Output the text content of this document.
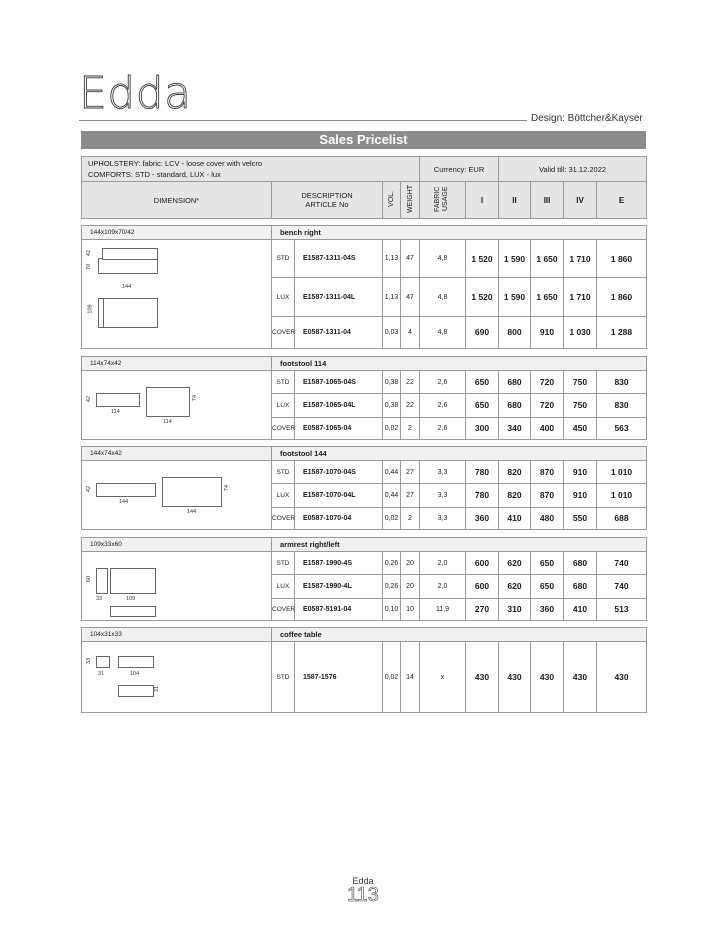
Edda	Design: Böttcher&Kayser
Sales Pricelist
UPHOLSTERY: fabric: LCV - loose cover with velcro
COMFORTS: STD - standard, LUX - lux				Currency: EUR		Valid till: 31.12.2022			
DIMENSION*	DESCRIPTION
ARTICLE No	VOL.	WEIGHT	FABRIC USAGE	I	II	III	IV	E
144x109x70/42	bench right									

42
70
144
109	STD	E1587-1311-04S	1,13	47	4,8	1 520	1 590	1 650	1 710	1 860
	LUX	E1587-1311-04L	1,13	47	4,8	1 520	1 590	1 650	1 710	1 860
	COVER	E0587-1311-04	0,03	4	4,8	690	800	910	1 030	1 288
114x74x42	footstool 114									

42
114
74
114	STD	E1587-1065-04S	0,38	22	2,6	650	680	720	750	830
	LUX	E1587-1065-04L	0,38	22	2,6	650	680	720	750	830
	COVER	E0587-1065-04	0,02	2	2,6	300	340	400	450	563
144x74x42	footstool 144									

42
144
74
144	STD	E1587-1070-04S	0,44	27	3,3	780	820	870	910	1 010
	LUX	E1587-1070-04L	0,44	27	3,3	780	820	870	910	1 010
	COVER	E0587-1070-04	0,02	2	3,3	360	410	480	550	688
109x33x60	armrest right/left									

60
33 109	STD	E1587-1990-4S	0,26	20	2,0	600	620	650	680	740
	LUX	E1587-1990-4L	0,26	20	2,0	600	620	650	680	740
	COVER	E0587-5191-04	0,10	10	11,9	270	310	360	410	513
104x31x33	coffee table									

33
31 104
31	STD	1587-1576	0,02	14	x	430	430	430	430	430
Edda
113
